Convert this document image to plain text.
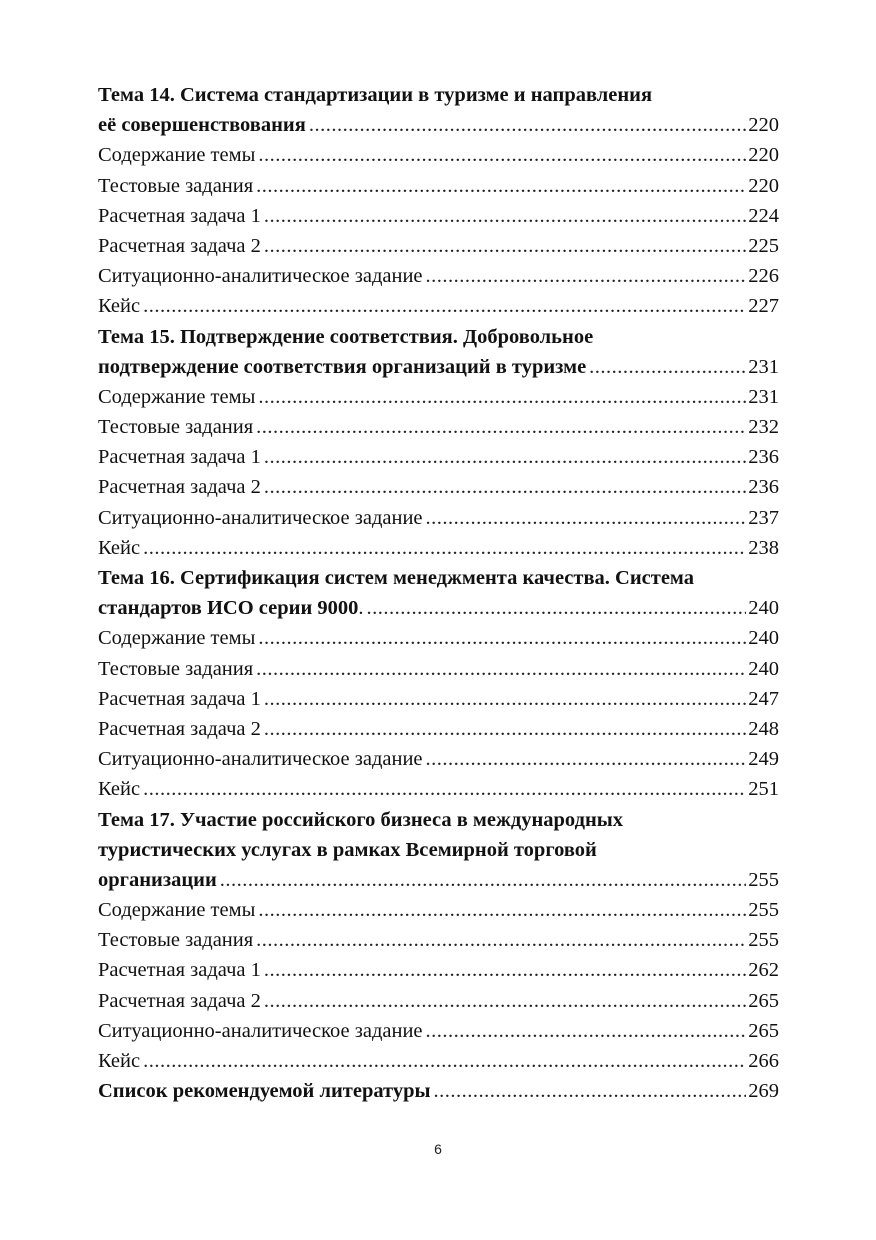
Тема 14. Система стандартизации в туризме и направления
её совершенствования .....	220
Содержание темы .....	220
Тестовые задания .....	220
Расчетная задача 1 .....	224
Расчетная задача 2 .....	225
Ситуационно-аналитическое задание .....	226
Кейс .....	227
Тема 15. Подтверждение соответствия. Добровольное
подтверждение соответствия организаций в туризме .....	231
Содержание темы .....	231
Тестовые задания .....	232
Расчетная задача 1 .....	236
Расчетная задача 2 .....	236
Ситуационно-аналитическое задание .....	237
Кейс .....	238
Тема 16. Сертификация систем менеджмента качества. Система
стандартов ИСО серии 9000. .....	240
Содержание темы .....	240
Тестовые задания .....	240
Расчетная задача 1 .....	247
Расчетная задача 2 .....	248
Ситуационно-аналитическое задание .....	249
Кейс .....	251
Тема 17. Участие российского бизнеса в международных
туристических услугах в рамках Всемирной торговой
организации .....	255
Содержание темы .....	255
Тестовые задания .....	255
Расчетная задача 1 .....	262
Расчетная задача 2 .....	265
Ситуационно-аналитическое задание .....	265
Кейс .....	266
Список рекомендуемой литературы .....	269
6
